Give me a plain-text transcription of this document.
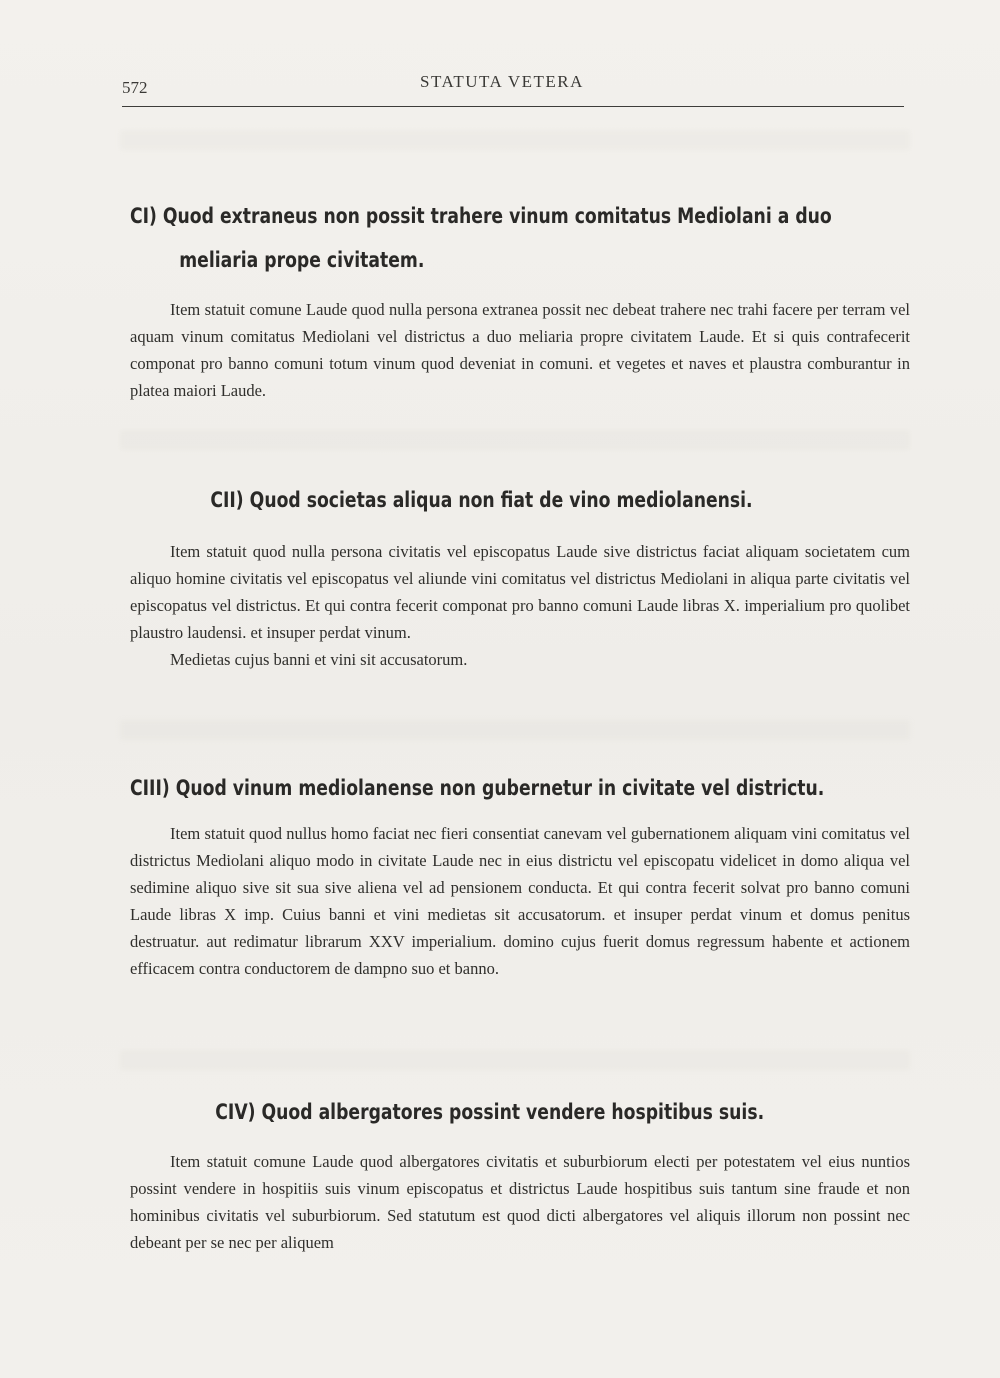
572	STATUTA VETERA
CI) Quod extraneus non possit trahere vinum comitatus Mediolani a duo
meliaria prope civitatem.

Item statuit comune Laude quod nulla persona extranea possit nec debeat trahere nec trahi facere per terram vel aquam vinum comitatus Mediolani vel districtus a duo meliaria propre civitatem Laude. Et si quis contrafecerit componat pro banno comuni totum vinum quod deveniat in comuni. et vegetes et naves et plaustra comburantur in platea maiori Laude.

CII) Quod societas aliqua non fiat de vino mediolanensi.

Item statuit quod nulla persona civitatis vel episcopatus Laude sive districtus faciat aliquam societatem cum aliquo homine civitatis vel episcopatus vel aliunde vini comitatus vel districtus Mediolani in aliqua parte civitatis vel episcopatus vel districtus. Et qui contra fecerit componat pro banno comuni Laude libras X. imperialium pro quolibet plaustro laudensi. et insuper perdat vinum.

Medietas cujus banni et vini sit accusatorum.

CIII) Quod vinum mediolanense non gubernetur in civitate vel districtu.

Item statuit quod nullus homo faciat nec fieri consentiat canevam vel gubernationem aliquam vini comitatus vel districtus Mediolani aliquo modo in civitate Laude nec in eius districtu vel episcopatu videlicet in domo aliqua vel sedimine aliquo sive sit sua sive aliena vel ad pensionem conducta. Et qui contra fecerit solvat pro banno comuni Laude libras X imp. Cuius banni et vini medietas sit accusatorum. et insuper perdat vinum et domus penitus destruatur. aut redimatur librarum XXV imperialium. domino cujus fuerit domus regressum habente et actionem efficacem contra conductorem de dampno suo et banno.

CIV) Quod albergatores possint vendere hospitibus suis.

Item statuit comune Laude quod albergatores civitatis et suburbiorum electi per potestatem vel eius nuntios possint vendere in hospitiis suis vinum episcopatus et districtus Laude hospitibus suis tantum sine fraude et non hominibus civitatis vel suburbiorum. Sed statutum est quod dicti albergatores vel aliquis illorum non possint nec debeant per se nec per aliquem
